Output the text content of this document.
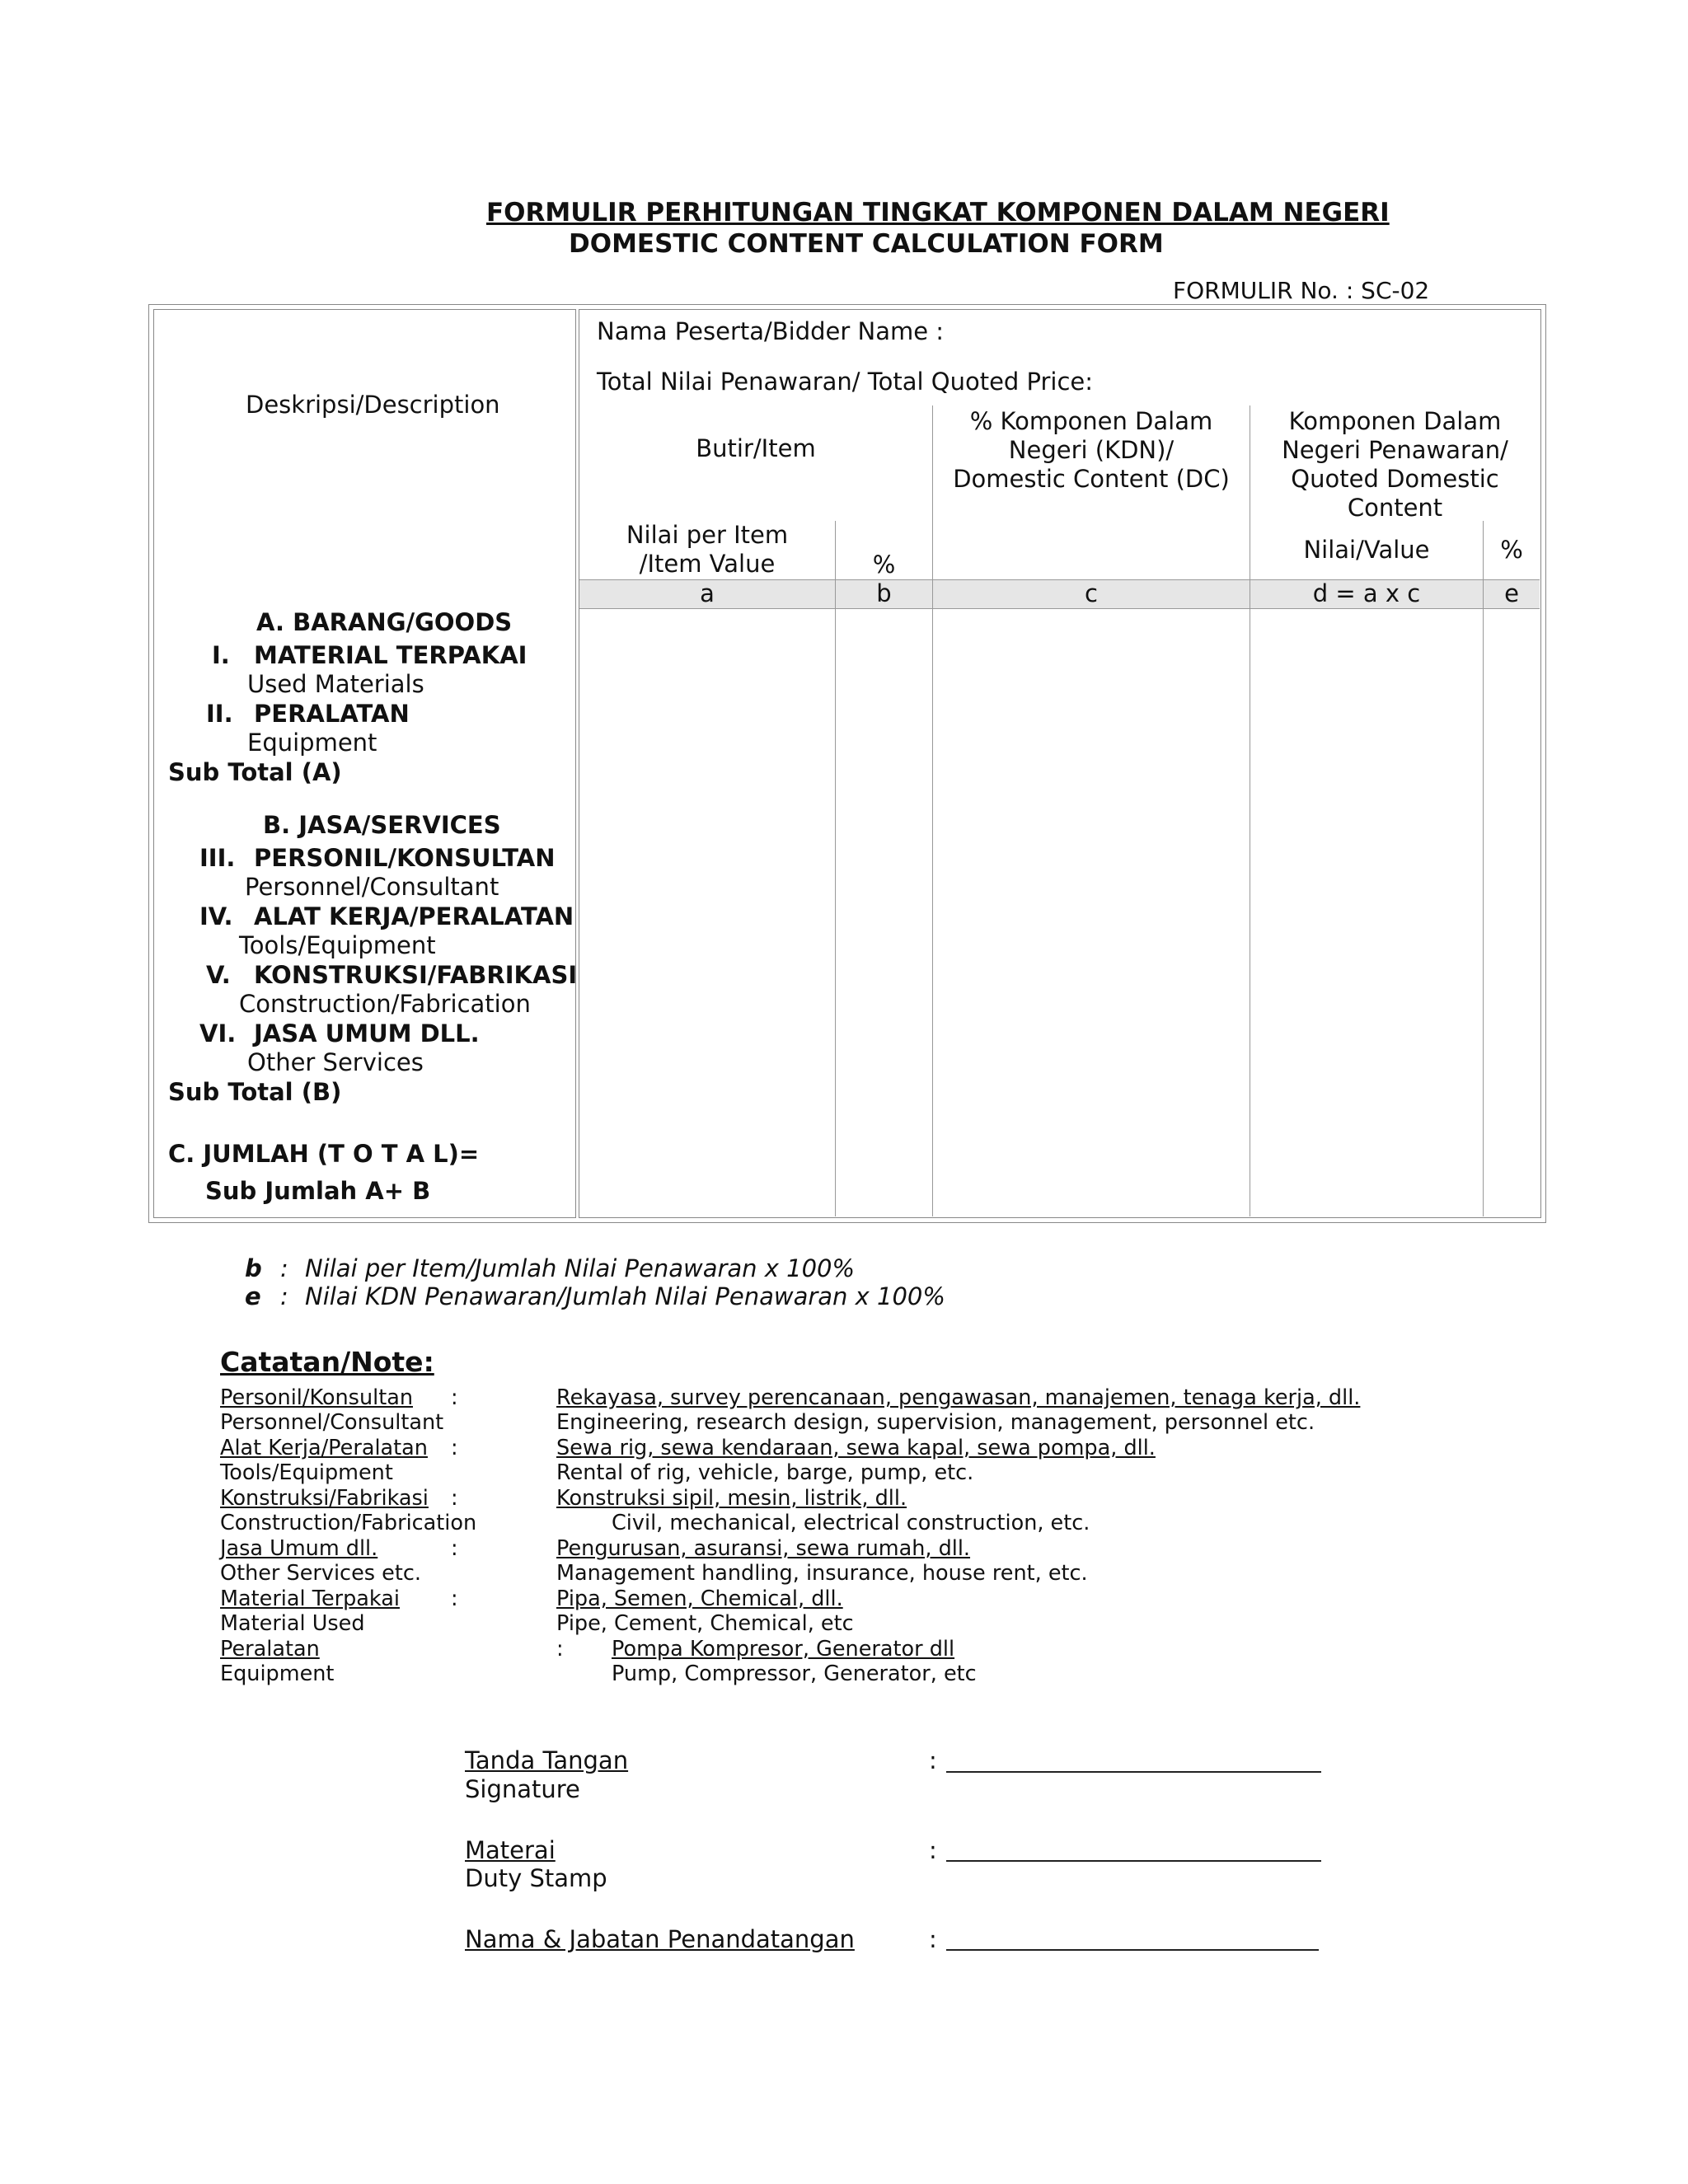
FORMULIR PERHITUNGAN TINGKAT KOMPONEN DALAM NEGERI
DOMESTIC CONTENT CALCULATION FORM
FORMULIR No. : SC-02
Deskripsi/Description
Nama Peserta/Bidder Name :
Total Nilai Penawaran/ Total Quoted Price:
Butir/Item
% Komponen Dalam
Negeri (KDN)/
Domestic Content (DC)
Komponen Dalam
Negeri Penawaran/
Quoted Domestic
Content
Nilai per Item
/Item Value	%
Nilai/Value	%
a	b	c	d = a x c	e
A. BARANG/GOODS
I. MATERIAL TERPAKAI
Used Materials
II. PERALATAN
Equipment
Sub Total (A)
B. JASA/SERVICES
III. PERSONIL/KONSULTAN
Personnel/Consultant
IV. ALAT KERJA/PERALATAN
Tools/Equipment
V. KONSTRUKSI/FABRIKASI
Construction/Fabrication
VI. JASA UMUM DLL.
Other Services
Sub Total (B)
C. JUMLAH (T O T A L)=
Sub Jumlah A+ B
b : Nilai per Item/Jumlah Nilai Penawaran x 100%
e : Nilai KDN Penawaran/Jumlah Nilai Penawaran x 100%
Catatan/Note:
Personil/Konsultan :	Rekayasa, survey perencanaan, pengawasan, manajemen, tenaga kerja, dll.
Personnel/Consultant	Engineering, research design, supervision, management, personnel etc.
Alat Kerja/Peralatan :	Sewa rig, sewa kendaraan, sewa kapal, sewa pompa, dll.
Tools/Equipment	Rental of rig, vehicle, barge, pump, etc.
Konstruksi/Fabrikasi :	Konstruksi sipil, mesin, listrik, dll.
Construction/Fabrication	Civil, mechanical, electrical construction, etc.
Jasa Umum dll.	:	Pengurusan, asuransi, sewa rumah, dll.
Other Services etc.	Management handling, insurance, house rent, etc.
Material Terpakai :	Pipa, Semen, Chemical, dll.
Material Used	Pipe, Cement, Chemical, etc
Peralatan	: Pompa Kompresor, Generator dll
Equipment	Pump, Compressor, Generator, etc
Tanda Tangan
Signature
:
Materai
Duty Stamp
:
Nama & Jabatan Penandatangan	:
